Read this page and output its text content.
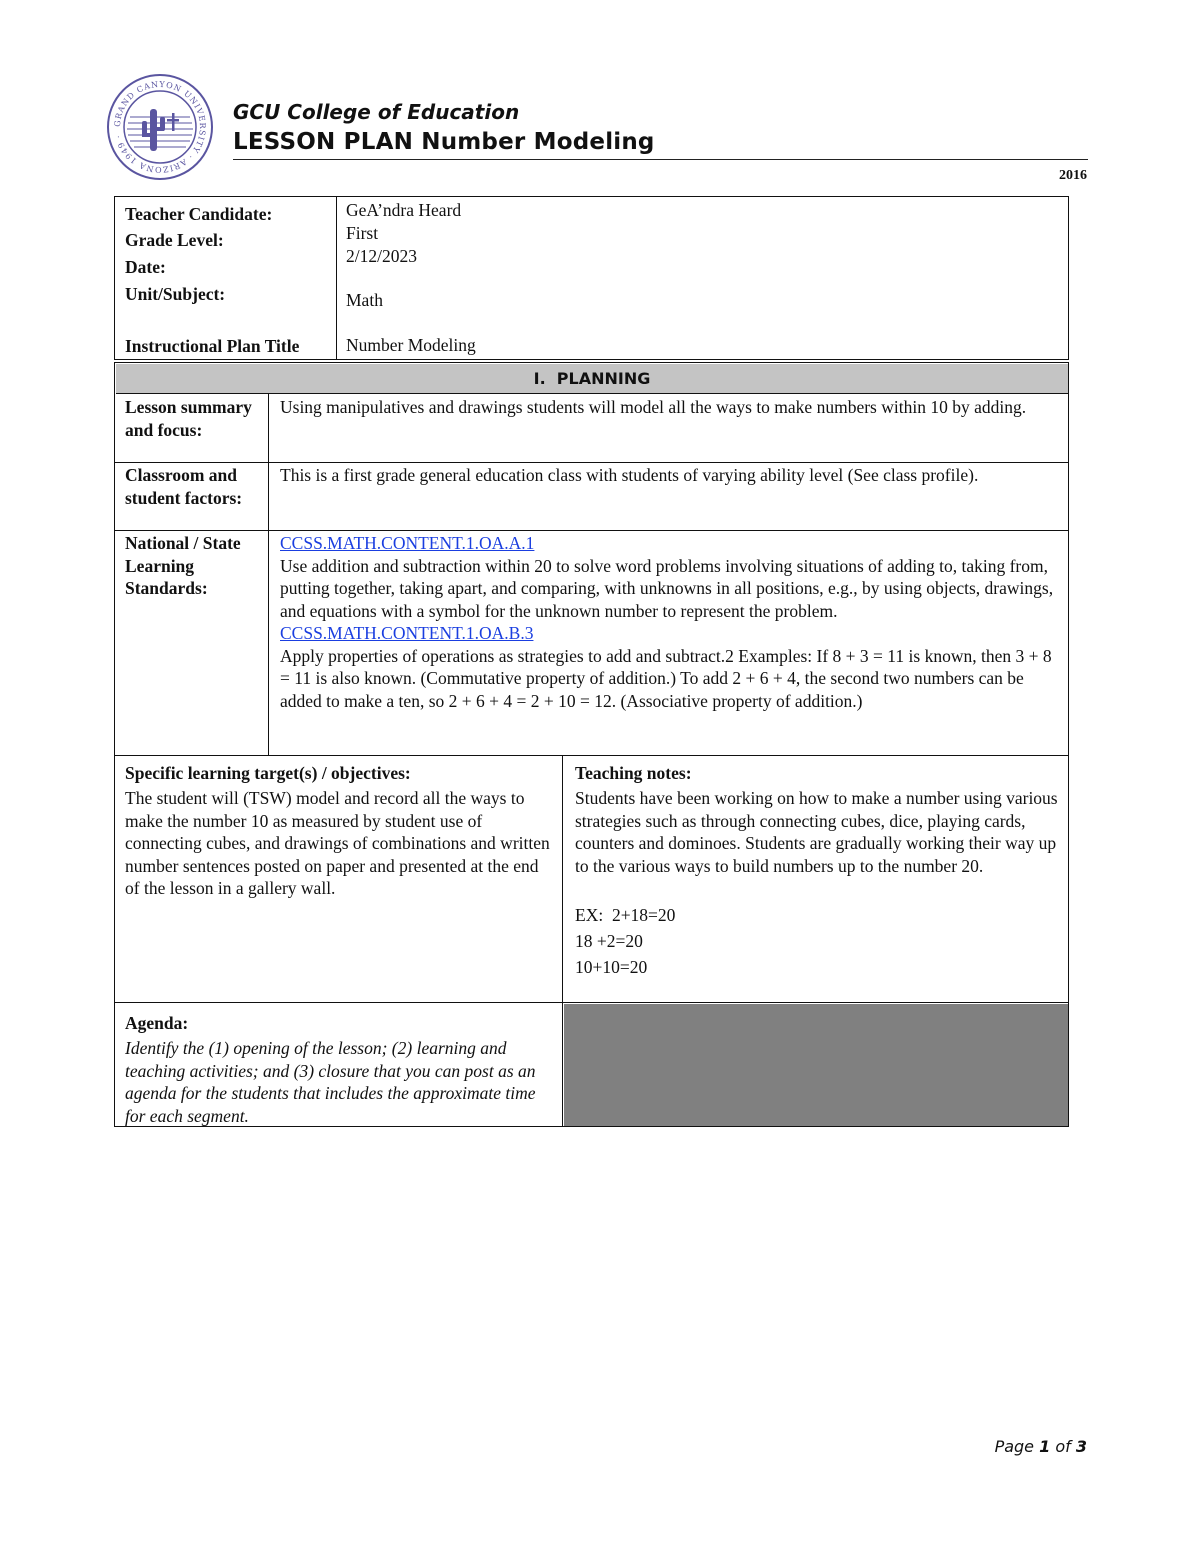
GRAND CANYON UNIVERSITY · ARIZONA 1949 ·
GCU College of Education
LESSON PLAN Number Modeling
2016
Teacher Candidate:
Grade Level:
Date:
Unit/Subject:
Instructional Plan Title
GeA’ndra Heard
First
2/12/2023
Math
Number Modeling
I.  PLANNING
Lesson summary and focus:
Using manipulatives and drawings students will model all the ways to make numbers within 10 by adding.
Classroom and student factors:
This is a first grade general education class with students of varying ability level (See class profile).
National / State Learning Standards:
CCSS.MATH.CONTENT.1.OA.A.1
Use addition and subtraction within 20 to solve word problems involving situations of adding to, taking from, putting together, taking apart, and comparing, with unknowns in all positions, e.g., by using objects, drawings, and equations with a symbol for the unknown number to represent the problem.
CCSS.MATH.CONTENT.1.OA.B.3
Apply properties of operations as strategies to add and subtract.2 Examples: If 8 + 3 = 11 is known, then 3 + 8 = 11 is also known. (Commutative property of addition.) To add 2 + 6 + 4, the second two numbers can be added to make a ten, so 2 + 6 + 4 = 2 + 10 = 12. (Associative property of addition.)
Specific learning target(s) / objectives:
The student will (TSW) model and record all the ways to make the number 10 as measured by student use of connecting cubes, and drawings of combinations and written number sentences posted on paper and presented at the end of the lesson in a gallery wall.
Teaching notes:
Students have been working on how to make a number using various strategies such as through connecting cubes, dice, playing cards, counters and dominoes. Students are gradually working their way up to the various ways to build numbers up to the number 20.
EX:  2+18=20
18 +2=20
10+10=20
Agenda:
Identify the (1) opening of the lesson; (2) learning and teaching activities; and (3) closure that you can post as an agenda for the students that includes the approximate time for each segment.
Page 1 of 3
